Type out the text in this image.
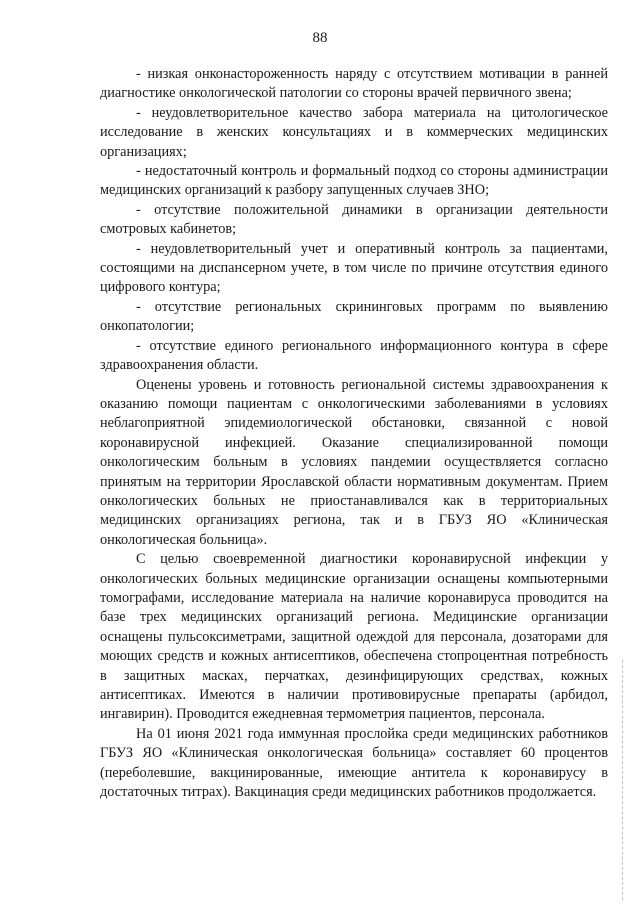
88

- низкая онконастороженность наряду с отсутствием мотивации в ранней диагностике онкологической патологии со стороны врачей первичного звена;

- неудовлетворительное качество забора материала на цитологическое исследование в женских консультациях и в коммерческих медицинских организациях;

- недостаточный контроль и формальный подход со стороны администрации медицинских организаций к разбору запущенных случаев ЗНО;

- отсутствие положительной динамики в организации деятельности смотровых кабинетов;

- неудовлетворительный учет и оперативный контроль за пациентами, состоящими на диспансерном учете, в том числе по причине отсутствия единого цифрового контура;

- отсутствие региональных скрининговых программ по выявлению онкопатологии;

- отсутствие единого регионального информационного контура в сфере здравоохранения области.

Оценены уровень и готовность региональной системы здравоохранения к оказанию помощи пациентам с онкологическими заболеваниями в условиях неблагоприятной эпидемиологической обстановки, связанной с новой коронавирусной инфекцией. Оказание специализированной помощи онкологическим больным в условиях пандемии осуществляется согласно принятым на территории Ярославской области нормативным документам. Прием онкологических больных не приостанавливался как в территориальных медицинских организациях региона, так и в ГБУЗ ЯО «Клиническая онкологическая больница».

С целью своевременной диагностики коронавирусной инфекции у онкологических больных медицинские организации оснащены компьютерными томографами, исследование материала на наличие коронавируса проводится на базе трех медицинских организаций региона. Медицинские организации оснащены пульсоксиметрами, защитной одеждой для персонала, дозаторами для моющих средств и кожных антисептиков, обеспечена стопроцентная потребность в защитных масках, перчатках, дезинфицирующих средствах, кожных антисептиках. Имеются в наличии противовирусные препараты (арбидол, ингавирин). Проводится ежедневная термометрия пациентов, персонала.

На 01 июня 2021 года иммунная прослойка среди медицинских работников ГБУЗ ЯО «Клиническая онкологическая больница» составляет 60 процентов (переболевшие, вакцинированные, имеющие антитела к коронавирусу в достаточных титрах). Вакцинация среди медицинских работников продолжается.
